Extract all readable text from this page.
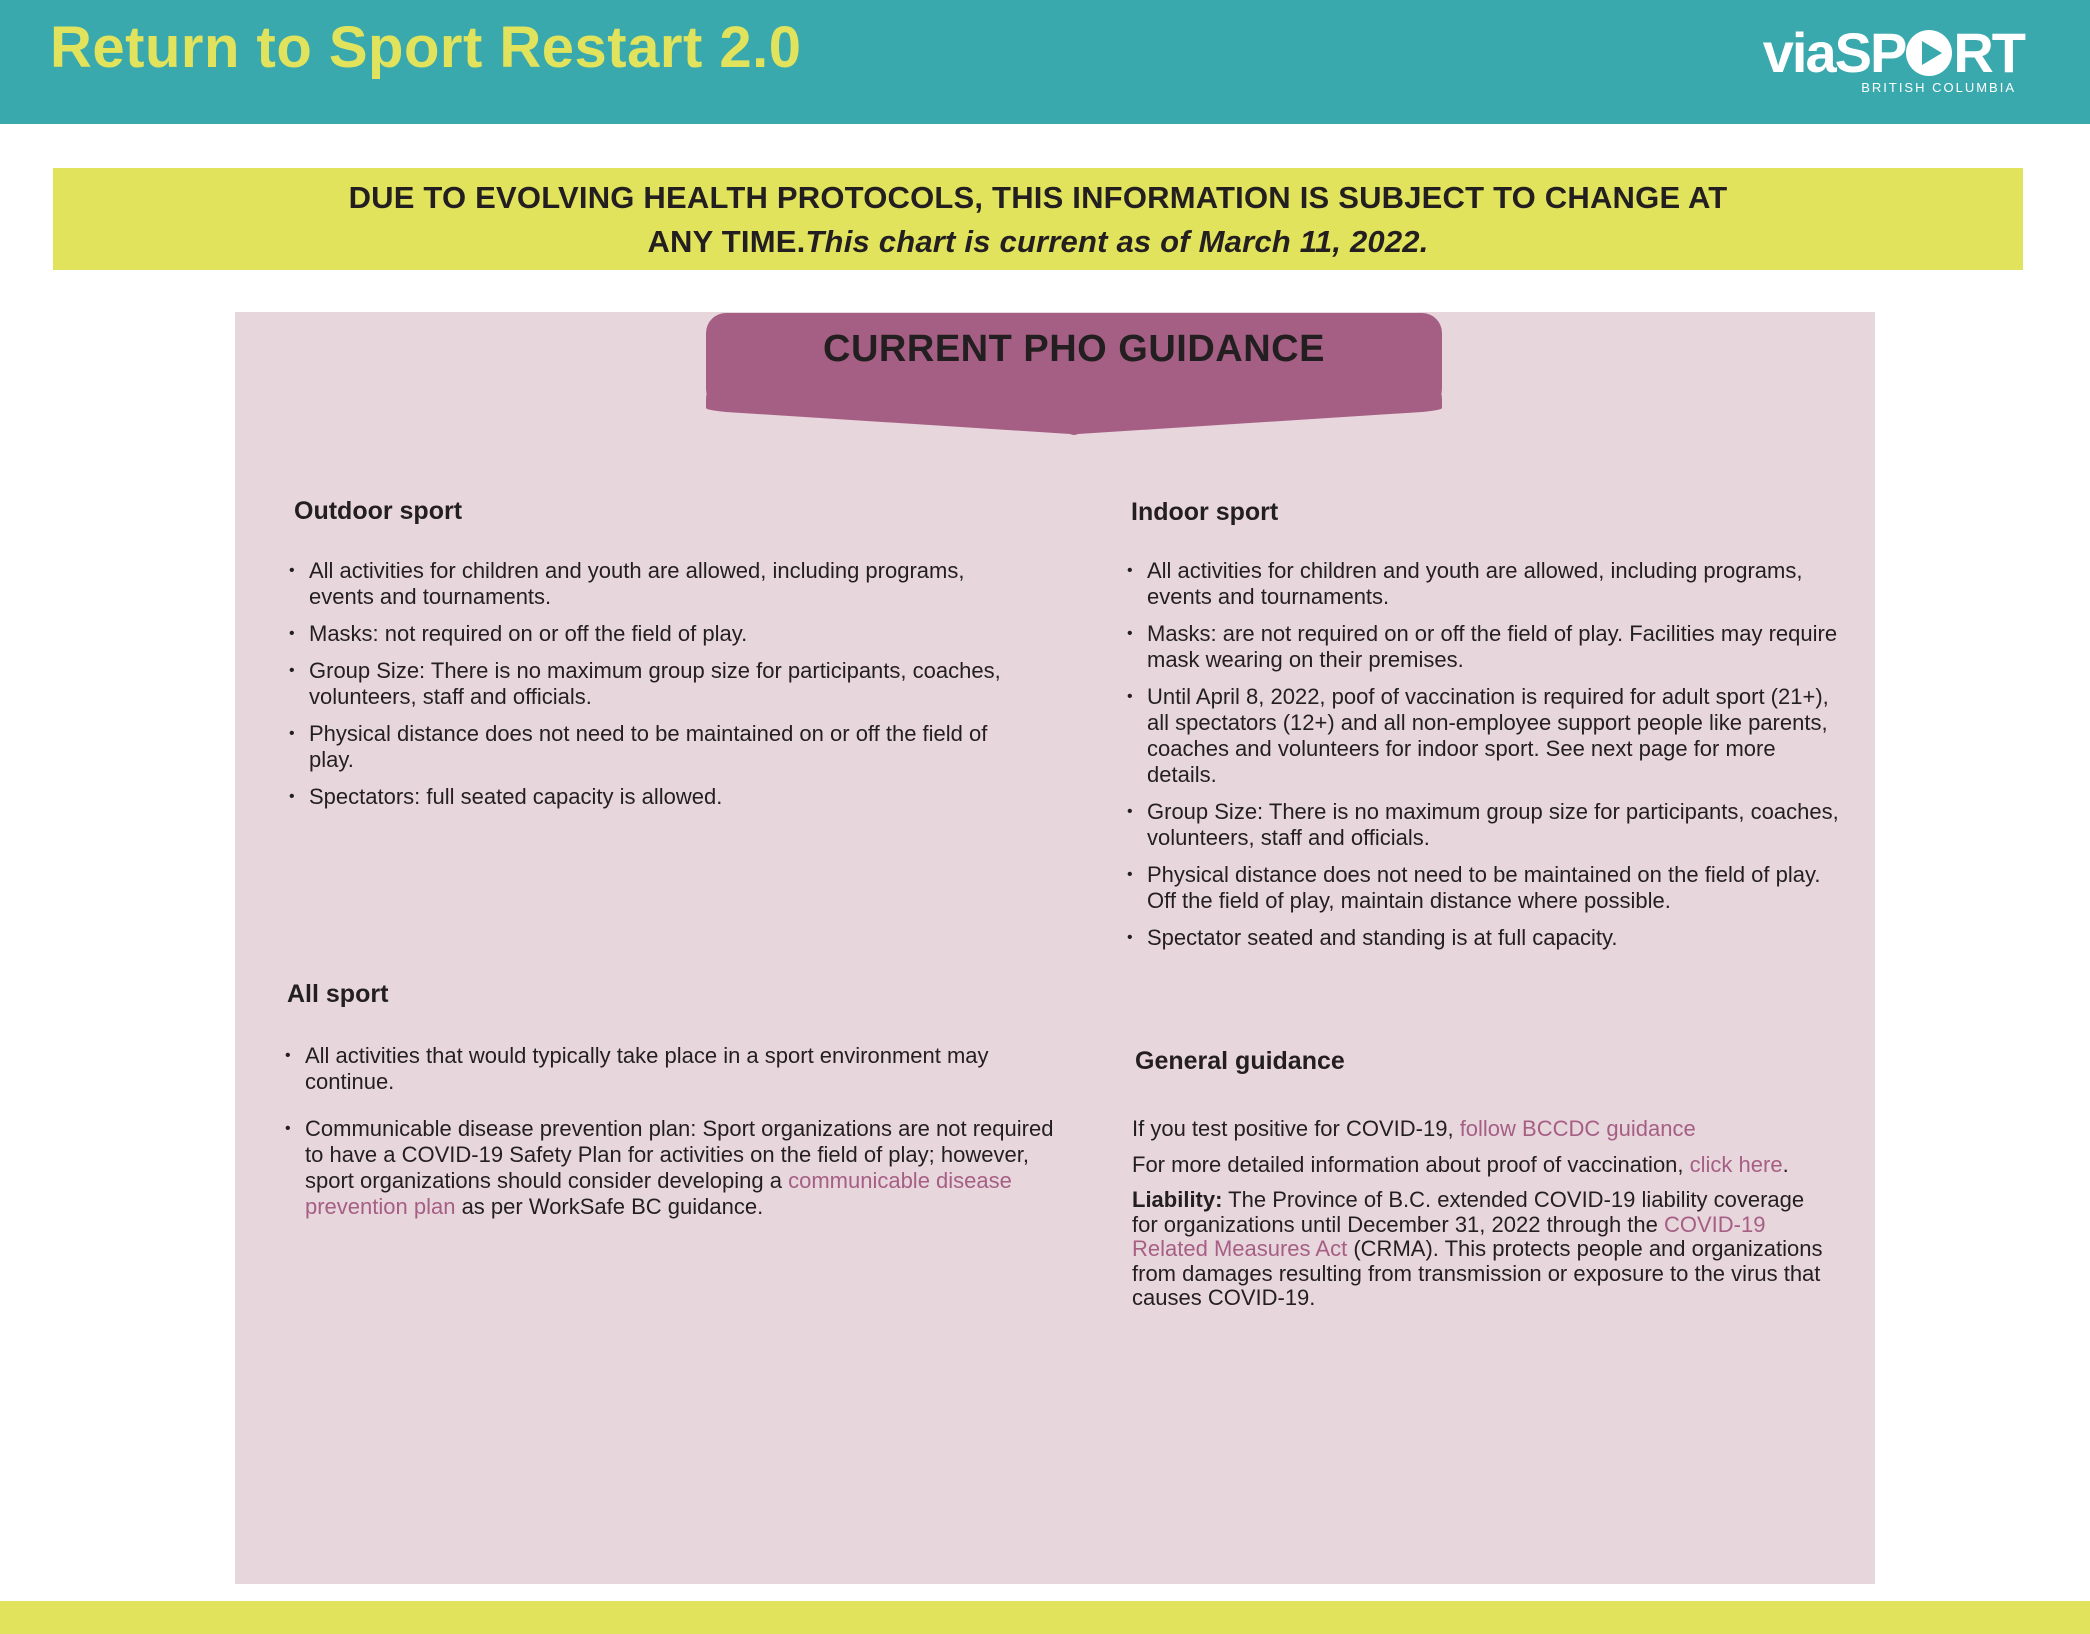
Return to Sport Restart 2.0	viaSP RT
BRITISH COLUMBIA
DUE TO EVOLVING HEALTH PROTOCOLS, THIS INFORMATION IS SUBJECT TO CHANGE AT
ANY TIME.This chart is current as of March 11, 2022.
CURRENT PHO GUIDANCE
Outdoor sport
• All activities for children and youth are allowed, including programs, events and tournaments.
• Masks: not required on or off the field of play.
• Group Size: There is no maximum group size for participants, coaches, volunteers, staff and officials.
• Physical distance does not need to be maintained on or off the field of play.
• Spectators: full seated capacity is allowed.
Indoor sport
• All activities for children and youth are allowed, including programs, events and tournaments.
• Masks: are not required on or off the field of play. Facilities may require mask wearing on their premises.
• Until April 8, 2022, poof of vaccination is required for adult sport (21+), all spectators (12+) and all non-employee support people like parents, coaches and volunteers for indoor sport. See next page for more details.
• Group Size: There is no maximum group size for participants, coaches, volunteers, staff and officials.
• Physical distance does not need to be maintained on the field of play. Off the field of play, maintain distance where possible.
• Spectator seated and standing is at full capacity.
All sport
• All activities that would typically take place in a sport environment may continue.
• Communicable disease prevention plan: Sport organizations are not required to have a COVID-19 Safety Plan for activities on the field of play; however, sport organizations should consider developing a communicable disease prevention plan as per WorkSafe BC guidance.
General guidance

If you test positive for COVID-19, follow BCCDC guidance

For more detailed information about proof of vaccination, click here.

Liability: The Province of B.C. extended COVID-19 liability coverage for organizations until December 31, 2022 through the COVID-19 Related Measures Act (CRMA). This protects people and organizations from damages resulting from transmission or exposure to the virus that causes COVID-19.
